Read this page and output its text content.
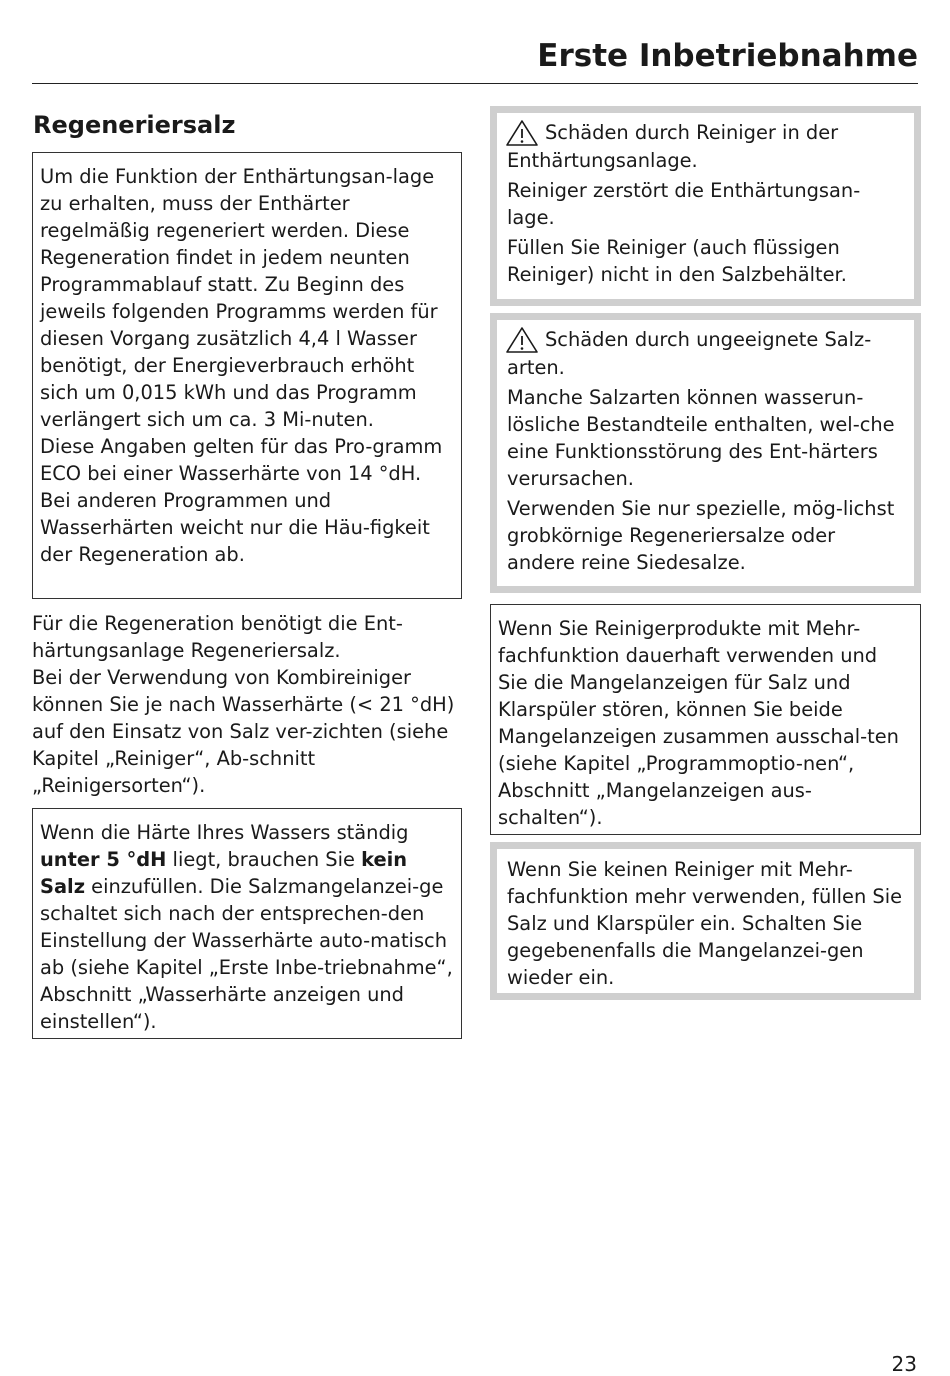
Erste Inbetriebnahme
Regeneriersalz

Um die Funktion der Enthärtungsan-lage zu erhalten, muss der Enthärter regelmäßig regeneriert werden. Diese Regeneration findet in jedem neunten Programmablauf statt. Zu Beginn des jeweils folgenden Programms werden für diesen Vorgang zusätzlich 4,4 l Wasser benötigt, der Energieverbrauch erhöht sich um 0,015 kWh und das Programm verlängert sich um ca. 3 Mi-nuten.

Diese Angaben gelten für das Pro-gramm ECO bei einer Wasserhärte von 14 °dH. Bei anderen Programmen und Wasserhärten weicht nur die Häu-figkeit der Regeneration ab.

Für die Regeneration benötigt die Ent-härtungsanlage Regeneriersalz.

Bei der Verwendung von Kombireiniger können Sie je nach Wasserhärte (< 21 °dH) auf den Einsatz von Salz ver-zichten (siehe Kapitel „Reiniger“, Ab-schnitt „Reinigersorten“).

Wenn die Härte Ihres Wassers ständig unter 5 °dH liegt, brauchen Sie kein Salz einzufüllen. Die Salzmangelanzei-ge schaltet sich nach der entsprechen-den Einstellung der Wasserhärte auto-matisch ab (siehe Kapitel „Erste Inbe-triebnahme“, Abschnitt „Wasserhärte anzeigen und einstellen“).

Schäden durch Reiniger in der Enthärtungsanlage.

Reiniger zerstört die Enthärtungsan-lage.

Füllen Sie Reiniger (auch flüssigen Reiniger) nicht in den Salzbehälter.

Schäden durch ungeeignete Salz-arten.

Manche Salzarten können wasserun-lösliche Bestandteile enthalten, wel-che eine Funktionsstörung des Ent-härters verursachen.

Verwenden Sie nur spezielle, mög-lichst grobkörnige Regeneriersalze oder andere reine Siedesalze.

Wenn Sie Reinigerprodukte mit Mehr-fachfunktion dauerhaft verwenden und Sie die Mangelanzeigen für Salz und Klarspüler stören, können Sie beide Mangelanzeigen zusammen ausschal-ten (siehe Kapitel „Programmoptio-nen“, Abschnitt „Mangelanzeigen aus-schalten“).

Wenn Sie keinen Reiniger mit Mehr-fachfunktion mehr verwenden, füllen Sie Salz und Klarspüler ein. Schalten Sie gegebenenfalls die Mangelanzei-gen wieder ein.

23
